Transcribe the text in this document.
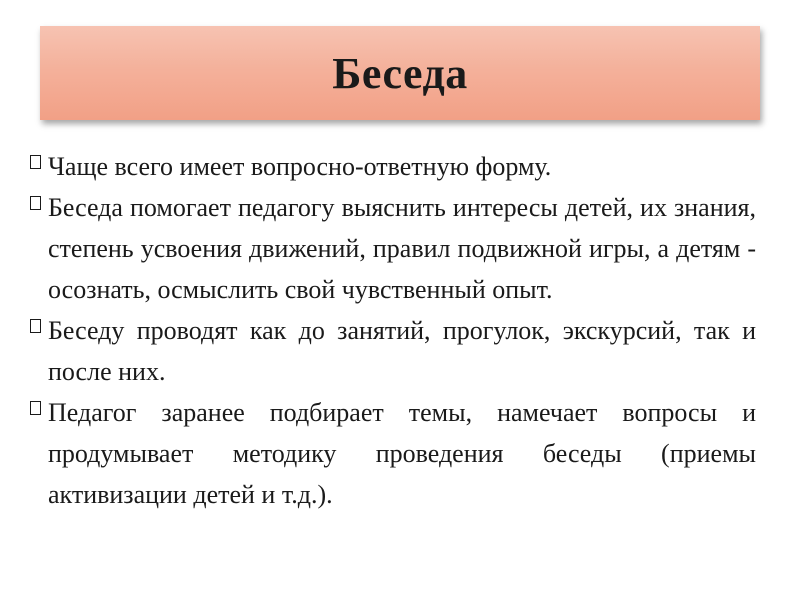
Беседа
Чаще всего имеет вопросно-ответную форму.
Беседа помогает педагогу выяснить интересы детей, их знания, степень усвоения движений, правил подвижной игры, а детям - осознать, осмыслить свой чувственный опыт.
Беседу проводят как до занятий, прогулок, экскурсий, так и после них.
Педагог заранее подбирает темы, намечает вопросы и продумывает методику проведения беседы (приемы активизации детей и т.д.).
